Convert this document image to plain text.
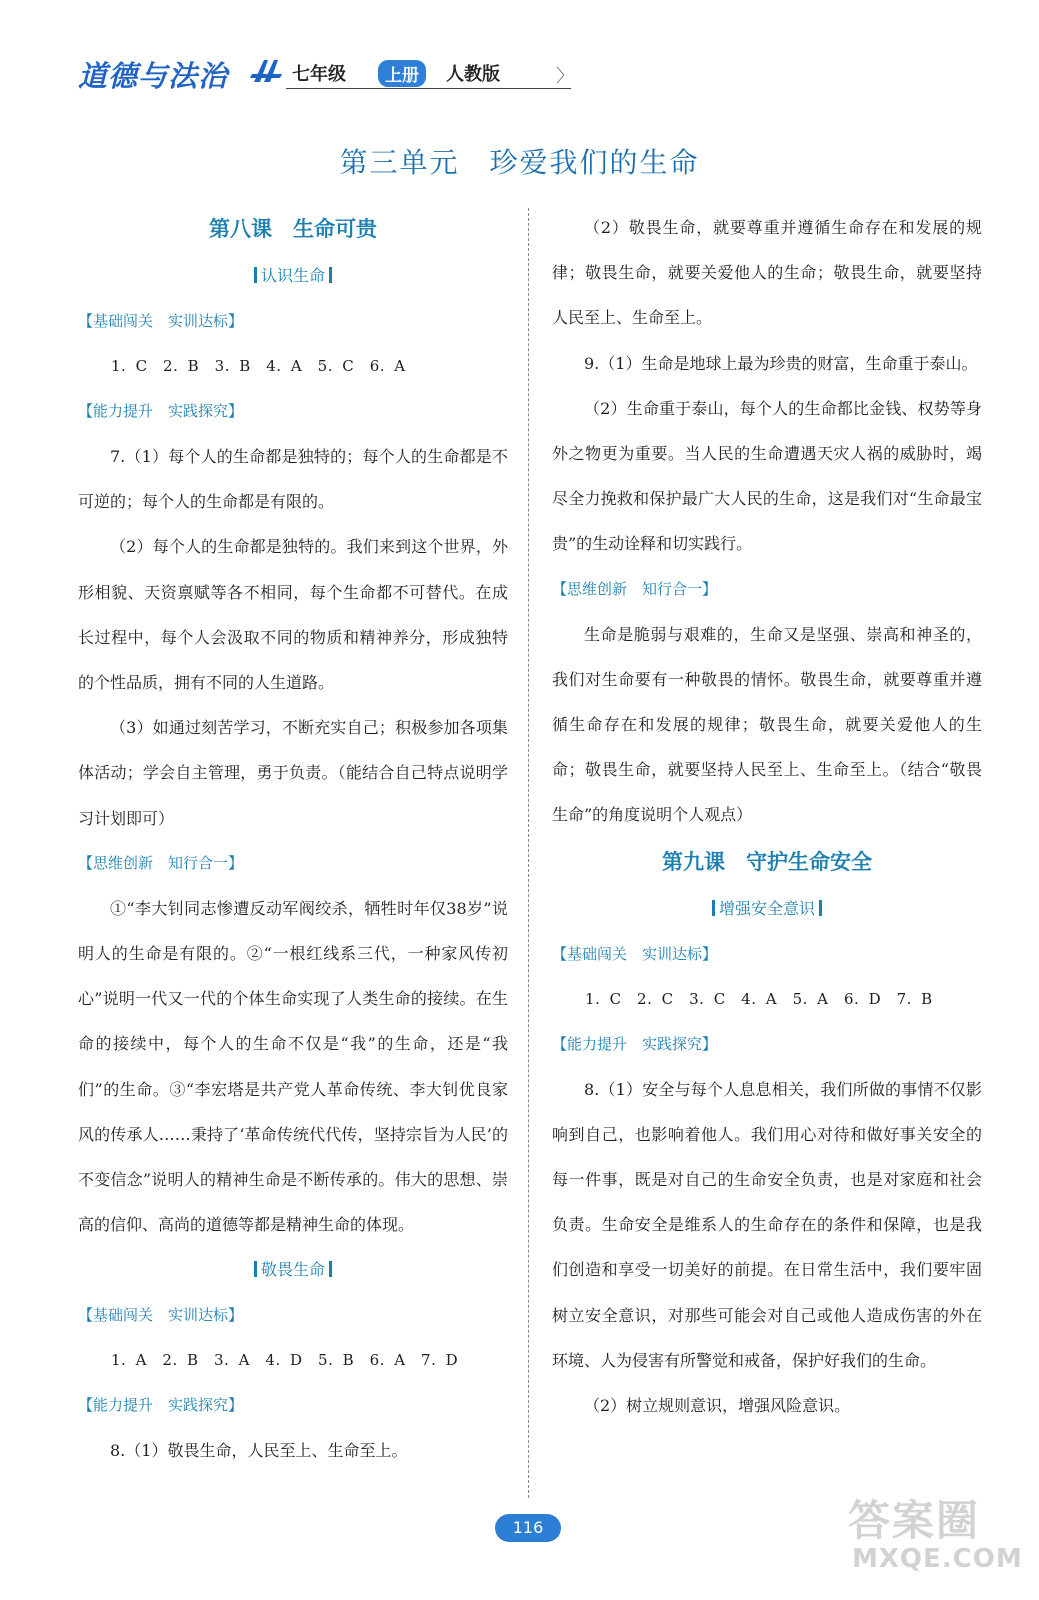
道德与法治	七年级	上册	人教版	〉
第三单元　珍爱我们的生命
第八课　生命可贵
认识生命
【基础闯关　实训达标】
1. C　2. B　3. B　4. A　5. C　6. A
【能力提升　实践探究】

7.（1）每个人的生命都是独特的；每个人的生命都是不可逆的；每个人的生命都是有限的。

（2）每个人的生命都是独特的。我们来到这个世界，外形相貌、天资禀赋等各不相同，每个生命都不可替代。在成长过程中，每个人会汲取不同的物质和精神养分，形成独特的个性品质，拥有不同的人生道路。

（3）如通过刻苦学习，不断充实自己；积极参加各项集体活动；学会自主管理，勇于负责。（能结合自己特点说明学习计划即可）

【思维创新　知行合一】

①“李大钊同志惨遭反动军阀绞杀，牺牲时年仅38岁”说明人的生命是有限的。②“一根红线系三代，一种家风传初心”说明一代又一代的个体生命实现了人类生命的接续。在生命的接续中，每个人的生命不仅是“我”的生命，还是“我们”的生命。③“李宏塔是共产党人革命传统、李大钊优良家风的传承人……秉持了‘革命传统代代传，坚持宗旨为人民’的不变信念”说明人的精神生命是不断传承的。伟大的思想、崇高的信仰、高尚的道德等都是精神生命的体现。

敬畏生命
【基础闯关　实训达标】
1. A　2. B　3. A　4. D　5. B　6. A　7. D
【能力提升　实践探究】

8.（1）敬畏生命，人民至上、生命至上。

（2）敬畏生命，就要尊重并遵循生命存在和发展的规律；敬畏生命，就要关爱他人的生命；敬畏生命，就要坚持人民至上、生命至上。

9.（1）生命是地球上最为珍贵的财富，生命重于泰山。

（2）生命重于泰山，每个人的生命都比金钱、权势等身外之物更为重要。当人民的生命遭遇天灾人祸的威胁时，竭尽全力挽救和保护最广大人民的生命，这是我们对“生命最宝贵”的生动诠释和切实践行。

【思维创新　知行合一】

生命是脆弱与艰难的，生命又是坚强、崇高和神圣的，我们对生命要有一种敬畏的情怀。敬畏生命，就要尊重并遵循生命存在和发展的规律；敬畏生命，就要关爱他人的生命；敬畏生命，就要坚持人民至上、生命至上。（结合“敬畏生命”的角度说明个人观点）

第九课　守护生命安全
增强安全意识
【基础闯关　实训达标】
1. C　2. C　3. C　4. A　5. A　6. D　7. B
【能力提升　实践探究】

8.（1）安全与每个人息息相关，我们所做的事情不仅影响到自己，也影响着他人。我们用心对待和做好事关安全的每一件事，既是对自己的生命安全负责，也是对家庭和社会负责。生命安全是维系人的生命存在的条件和保障，也是我们创造和享受一切美好的前提。在日常生活中，我们要牢固树立安全意识，对那些可能会对自己或他人造成伤害的外在环境、人为侵害有所警觉和戒备，保护好我们的生命。

（2）树立规则意识，增强风险意识。

116	答案圈
MXQE.COM
